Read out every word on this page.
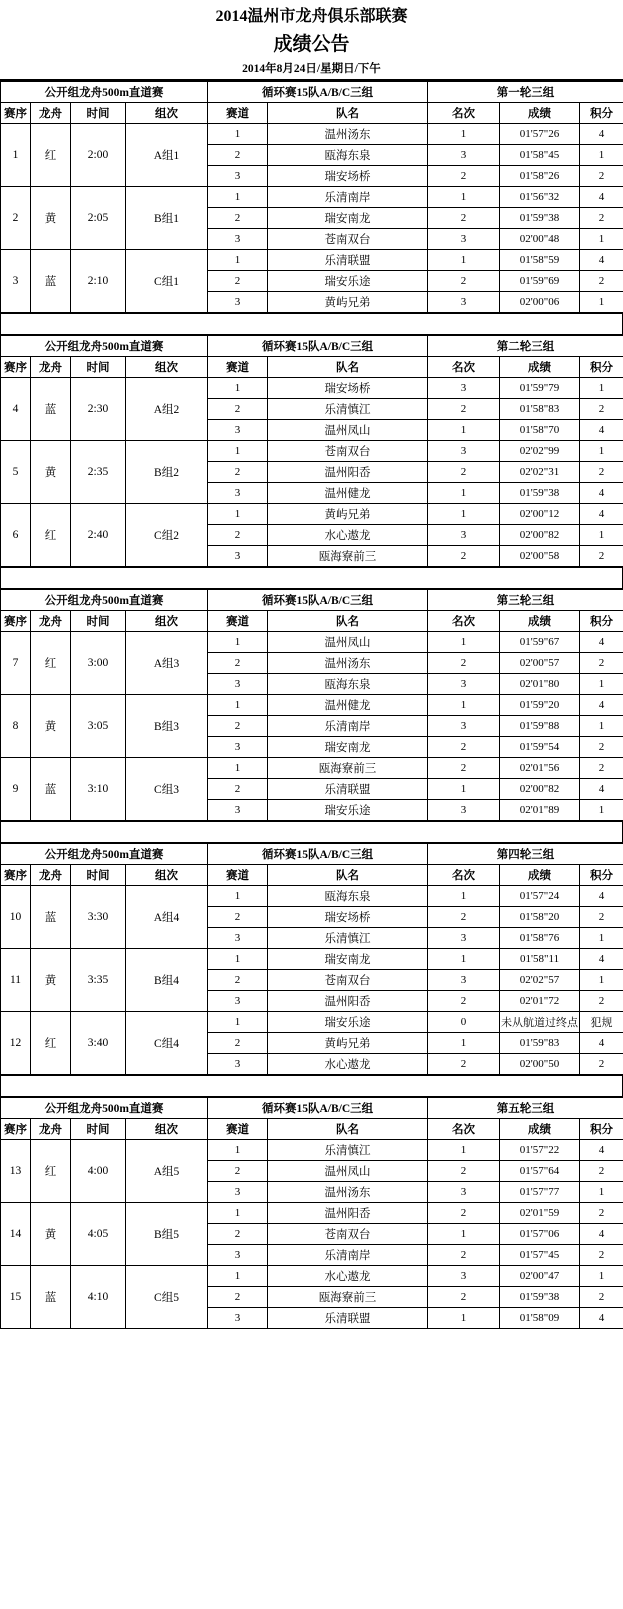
2014温州市龙舟俱乐部联赛
成绩公告
2014年8月24日/星期日/下午
公开组龙舟500m直道赛				循环赛15队A/B/C三组		第一轮三组		
赛序	龙舟	时间	组次	赛道	队名	名次	成绩	积分
1	红	2:00	A组1	1	温州汤东	1	01'57"26	4
				2	瓯海东泉	3	01'58"45	1
				3	瑞安场桥	2	01'58"26	2
2	黄	2:05	B组1	1	乐清南岸	1	01'56"32	4
				2	瑞安南龙	2	01'59"38	2
				3	苍南双台	3	02'00"48	1
3	蓝	2:10	C组1	1	乐清联盟	1	01'58"59	4
				2	瑞安乐途	2	01'59"69	2
				3	黄屿兄弟	3	02'00"06	1

公开组龙舟500m直道赛				循环赛15队A/B/C三组		第二轮三组		
赛序	龙舟	时间	组次	赛道	队名	名次	成绩	积分
4	蓝	2:30	A组2	1	瑞安场桥	3	01'59"79	1
				2	乐清慎江	2	01'58"83	2
				3	温州凤山	1	01'58"70	4
5	黄	2:35	B组2	1	苍南双台	3	02'02"99	1
				2	温州阳岙	2	02'02"31	2
				3	温州健龙	1	01'59"38	4
6	红	2:40	C组2	1	黄屿兄弟	1	02'00"12	4
				2	水心遨龙	3	02'00"82	1
				3	瓯海寮前三	2	02'00"58	2

公开组龙舟500m直道赛				循环赛15队A/B/C三组		第三轮三组		
赛序	龙舟	时间	组次	赛道	队名	名次	成绩	积分
7	红	3:00	A组3	1	温州凤山	1	01'59"67	4
				2	温州汤东	2	02'00"57	2
				3	瓯海东泉	3	02'01"80	1
8	黄	3:05	B组3	1	温州健龙	1	01'59"20	4
				2	乐清南岸	3	01'59"88	1
				3	瑞安南龙	2	01'59"54	2
9	蓝	3:10	C组3	1	瓯海寮前三	2	02'01"56	2
				2	乐清联盟	1	02'00"82	4
				3	瑞安乐途	3	02'01"89	1

公开组龙舟500m直道赛				循环赛15队A/B/C三组		第四轮三组		
赛序	龙舟	时间	组次	赛道	队名	名次	成绩	积分
10	蓝	3:30	A组4	1	瓯海东泉	1	01'57"24	4
				2	瑞安场桥	2	01'58"20	2
				3	乐清慎江	3	01'58"76	1
11	黄	3:35	B组4	1	瑞安南龙	1	01'58"11	4
				2	苍南双台	3	02'02"57	1
				3	温州阳岙	2	02'01"72	2
12	红	3:40	C组4	1	瑞安乐途	0	未从航道过终点	犯规
				2	黄屿兄弟	1	01'59"83	4
				3	水心遨龙	2	02'00"50	2

公开组龙舟500m直道赛				循环赛15队A/B/C三组		第五轮三组		
赛序	龙舟	时间	组次	赛道	队名	名次	成绩	积分
13	红	4:00	A组5	1	乐清慎江	1	01'57"22	4
				2	温州凤山	2	01'57"64	2
				3	温州汤东	3	01'57"77	1
14	黄	4:05	B组5	1	温州阳岙	2	02'01"59	2
				2	苍南双台	1	01'57"06	4
				3	乐清南岸	2	01'57"45	2
15	蓝	4:10	C组5	1	水心遨龙	3	02'00"47	1
				2	瓯海寮前三	2	01'59"38	2
				3	乐清联盟	1	01'58"09	4
